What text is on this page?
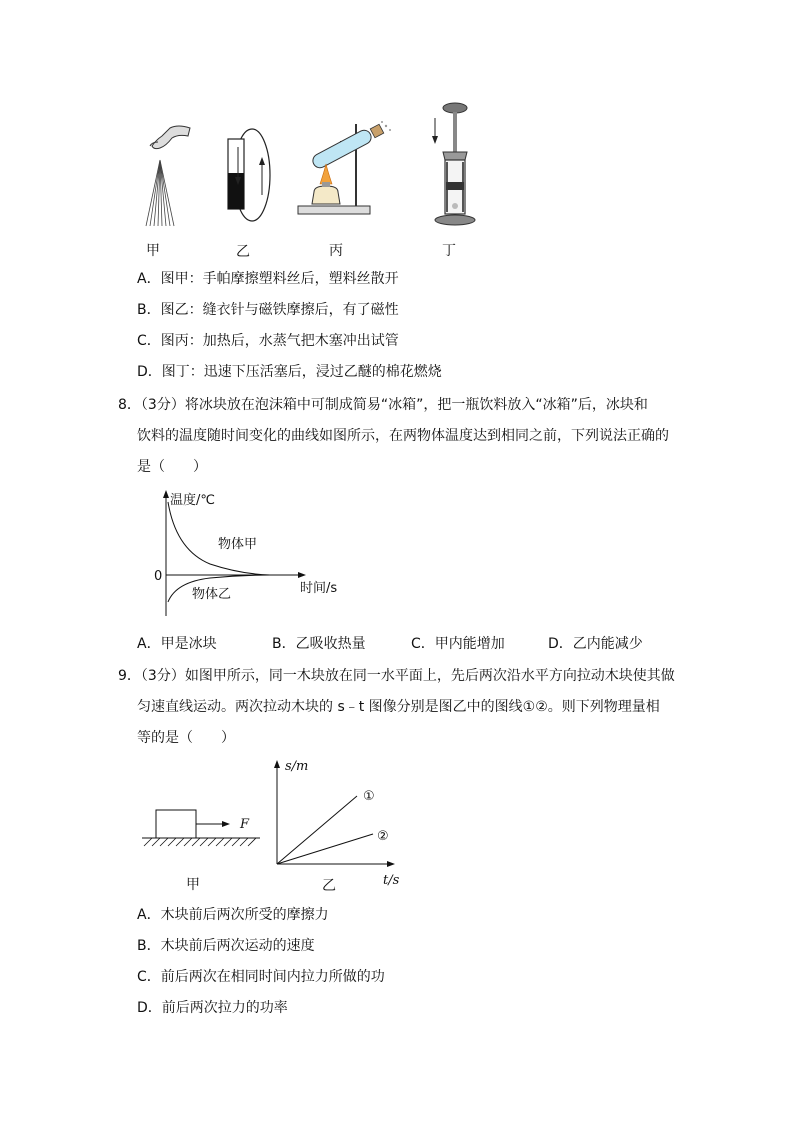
甲	乙	丙	丁
A．图甲：手帕摩擦塑料丝后，塑料丝散开
B．图乙：缝衣针与磁铁摩擦后，有了磁性
C．图丙：加热后，水蒸气把木塞冲出试管
D．图丁：迅速下压活塞后，浸过乙醚的棉花燃烧
8．（3分）将冰块放在泡沫箱中可制成简易“冰箱”，把一瓶饮料放入“冰箱”后，冰块和
饮料的温度随时间变化的曲线如图所示，在两物体温度达到相同之前，下列说法正确的
是（　　）
温度/℃
0
物体甲
物体乙	时间/s
A．甲是冰块	B．乙吸收热量	C．甲内能增加	D．乙内能减少
9．（3分）如图甲所示，同一木块放在同一水平面上，先后两次沿水平方向拉动木块使其做
匀速直线运动。两次拉动木块的 s﹣t 图像分别是图乙中的图线①②。则下列物理量相
等的是（　　）
F
甲
s/m
t/s
①
②
乙
A．木块前后两次所受的摩擦力
B．木块前后两次运动的速度
C．前后两次在相同时间内拉力所做的功
D．前后两次拉力的功率
